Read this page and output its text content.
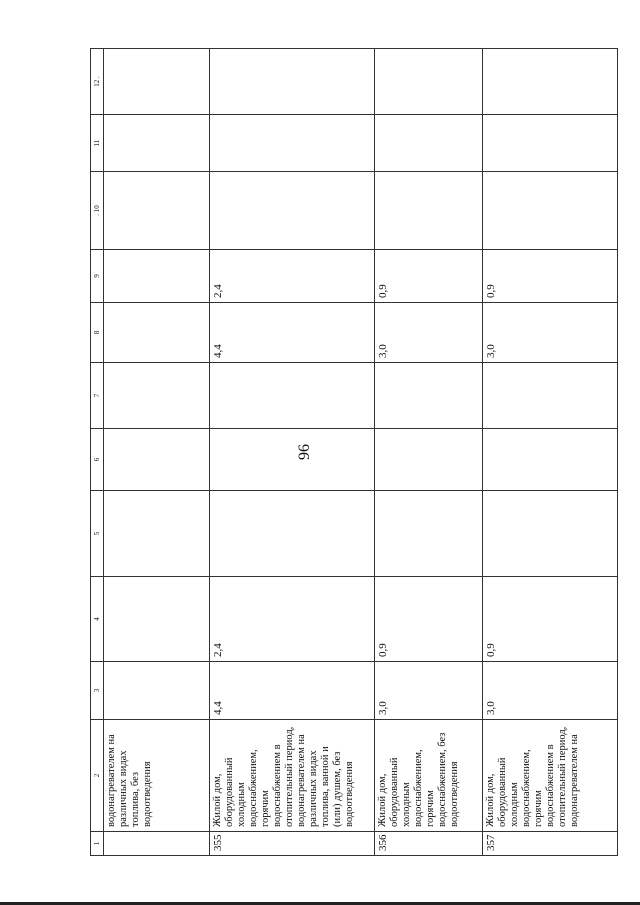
96
1	2	3	4	5	6	7	8	9	. 10	11	12 .
	водонагревателем на различных видах топлива, без водоотведения										
355	Жилой дом, оборудованный холодным водоснабжением, горячим водоснабжением в отопительный период, водонагревателем на различных видах топлива, ванной и (или) душем, без водоотведения	4,4	2,4				4,4	2,4			
356	Жилой дом, оборудованный холодным водоснабжением, горячим водоснабжением, без водоотведения	3,0	0,9				3,0	0,9			
357	Жилой дом, оборудованный холодным водоснабжением, горячим водоснабжением в отопительный период, водонагревателем на	3,0	0,9				3,0	0,9			
